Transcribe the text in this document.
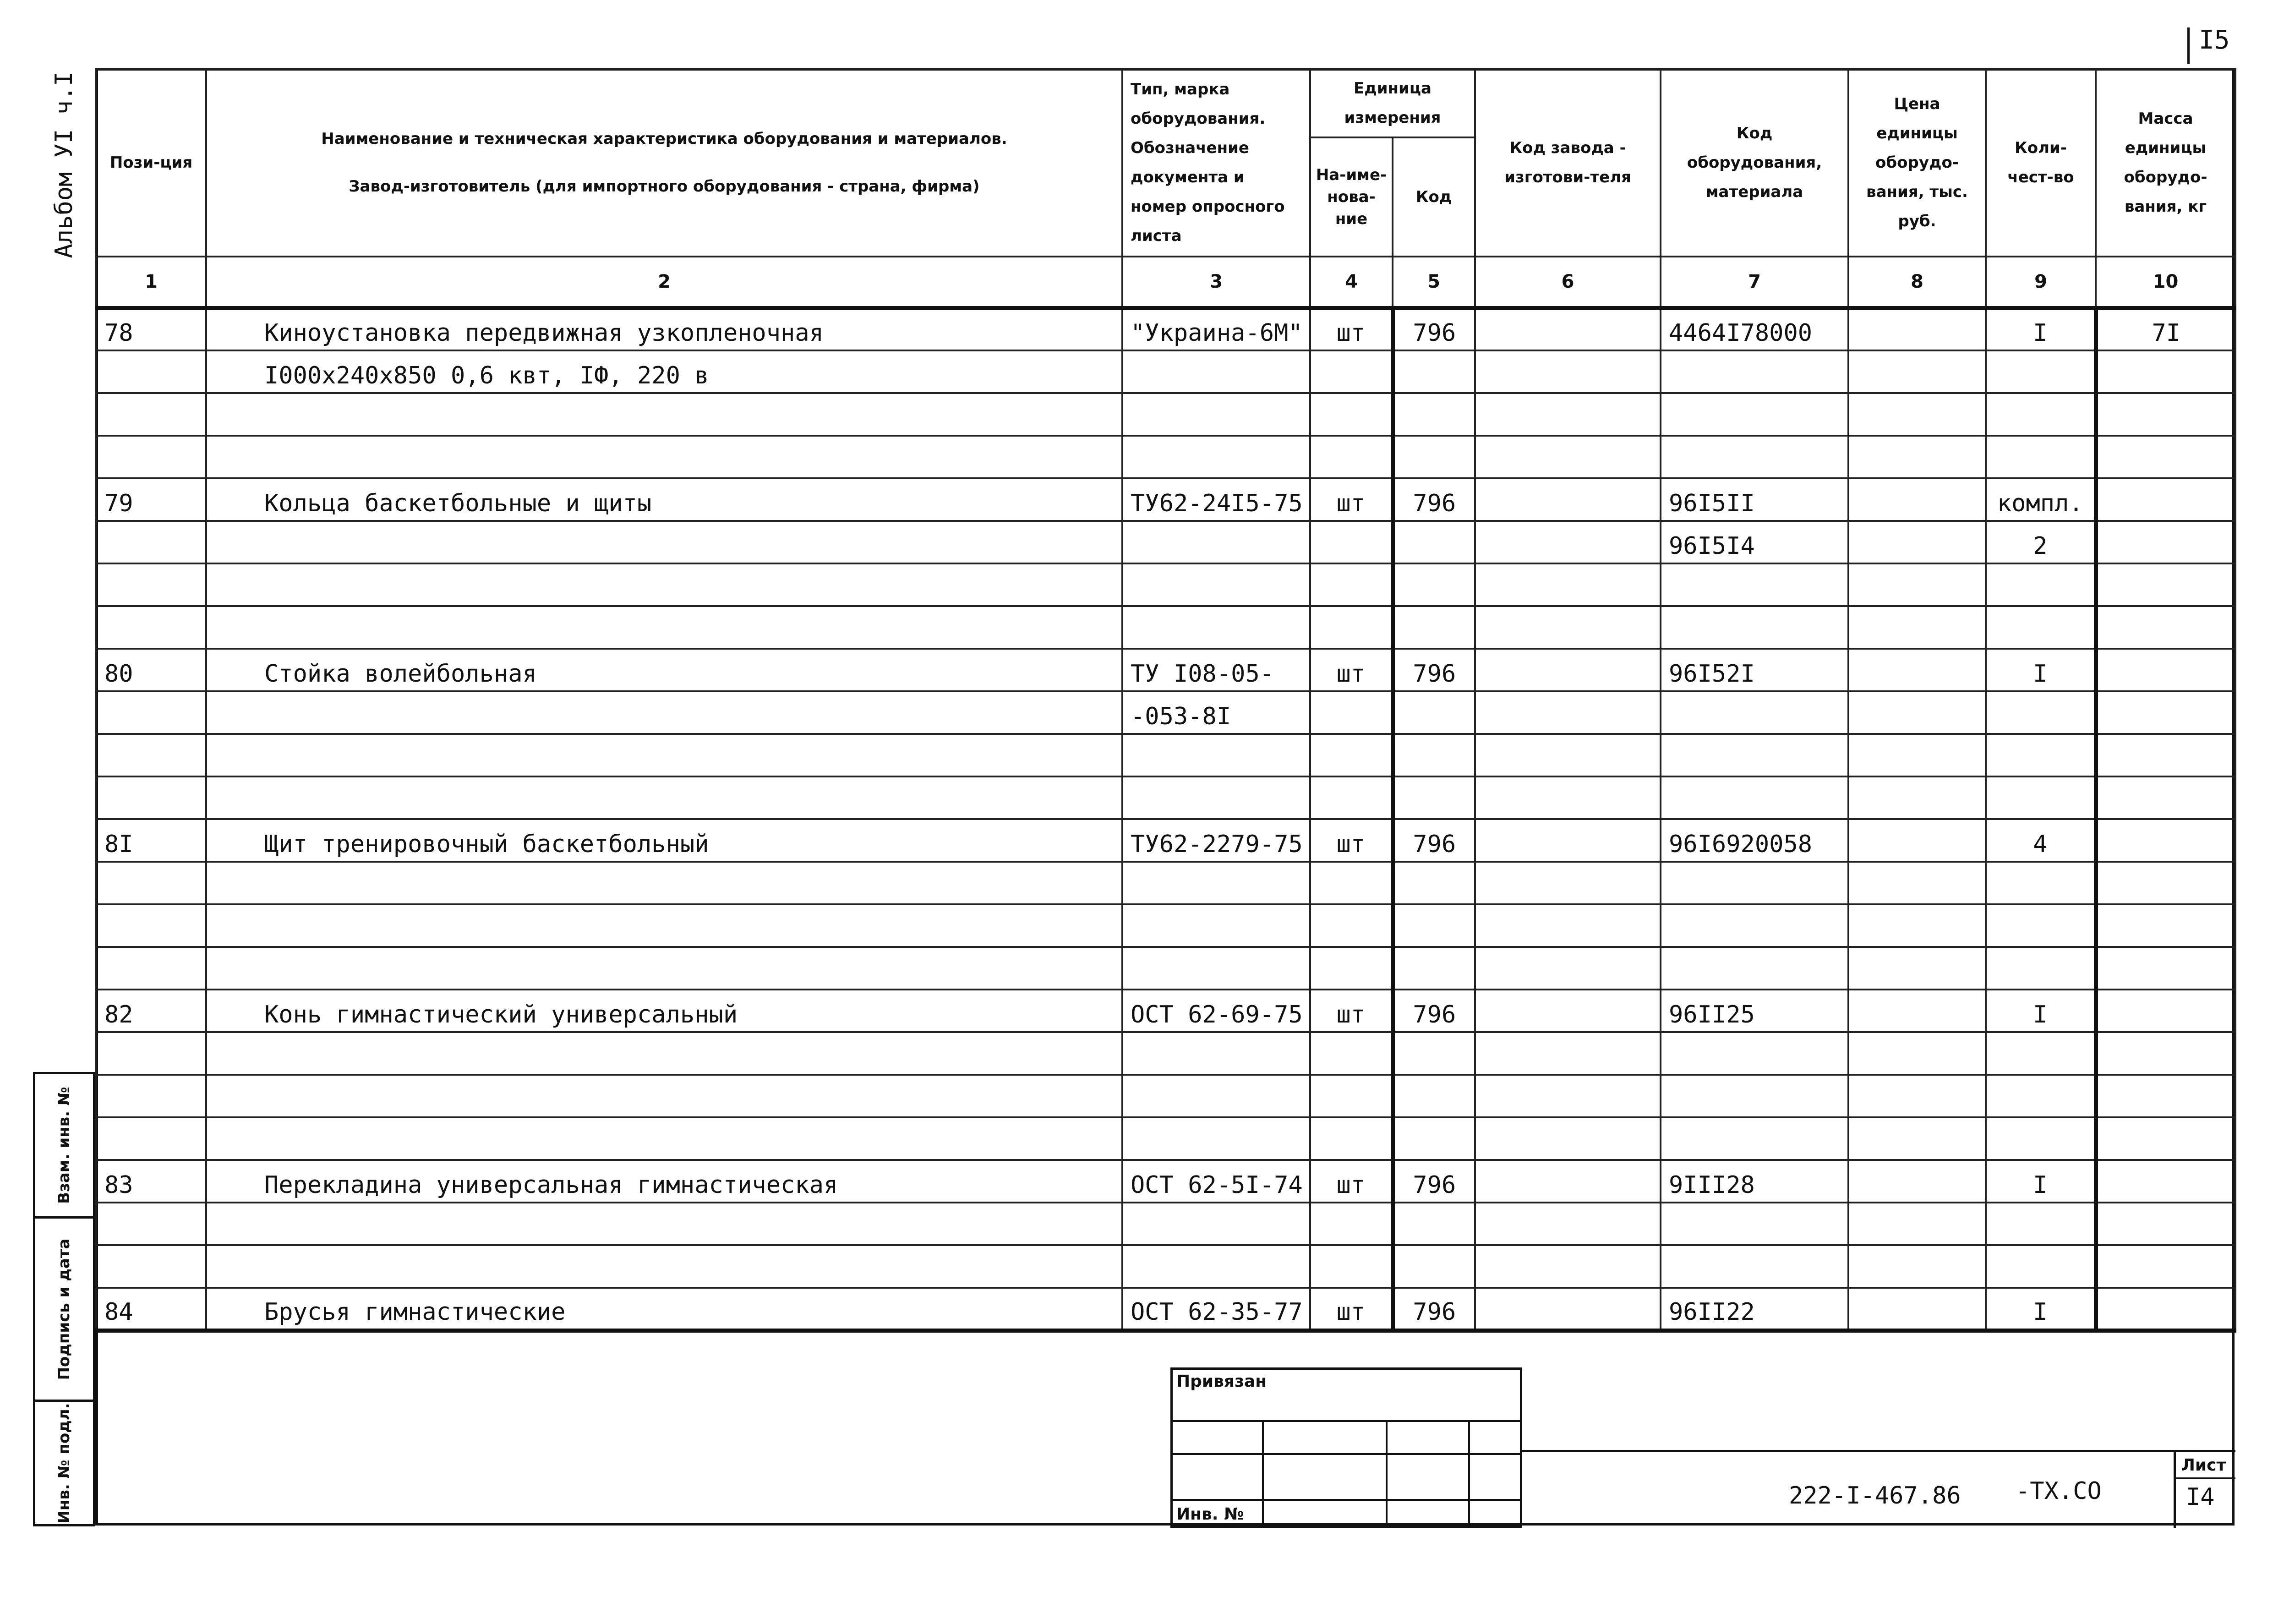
I5
Альбом УI ч.I Пози-ция	Наименование и техническая характеристика оборудования и материалов.
Завод-изготовитель (для импортного оборудования - страна, фирма)	Тип, марка оборудования. Обозначение документа и номер опросного листа	Единица измерения		Код завода - изготови-теля	Код оборудования, материала	Цена единицы оборудо-вания, тыс. руб.	Коли-чест-во	Масса единицы оборудо-вания, кг
			На-име-нова-ние	Код					
1	2	3	4	5	6	7	8	9	10
78	Киноустановка передвижная узкопленочная	"Украина-6М"	шт	796		4464I78000		I	7I
	I000x240x850 0,6 квт, IФ, 220 в								

79	Кольца баскетбольные и щиты	ТУ62-24I5-75	шт	796		96I5II		компл.	
						96I5I4		2	

80	Стойка волейбольная	ТУ I08-05-	шт	796		96I52I		I	
		-053-8I							

8I	Щит тренировочный баскетбольный	ТУ62-2279-75	шт	796		96I6920058		4	

82	Конь гимнастический универсальный	ОСТ 62-69-75	шт	796		96II25		I	

83	Перекладина универсальная гимнастическая	ОСТ 62-5I-74	шт	796		9III28		I	

84	Брусья гимнастические	ОСТ 62-35-77	шт	796		96II22		I	
Взам. инв. №
Подпись и дата
Инв. № подл.
Привязан
Инв. №
222-I-467.86 -ТХ.СО
Лист
I4
